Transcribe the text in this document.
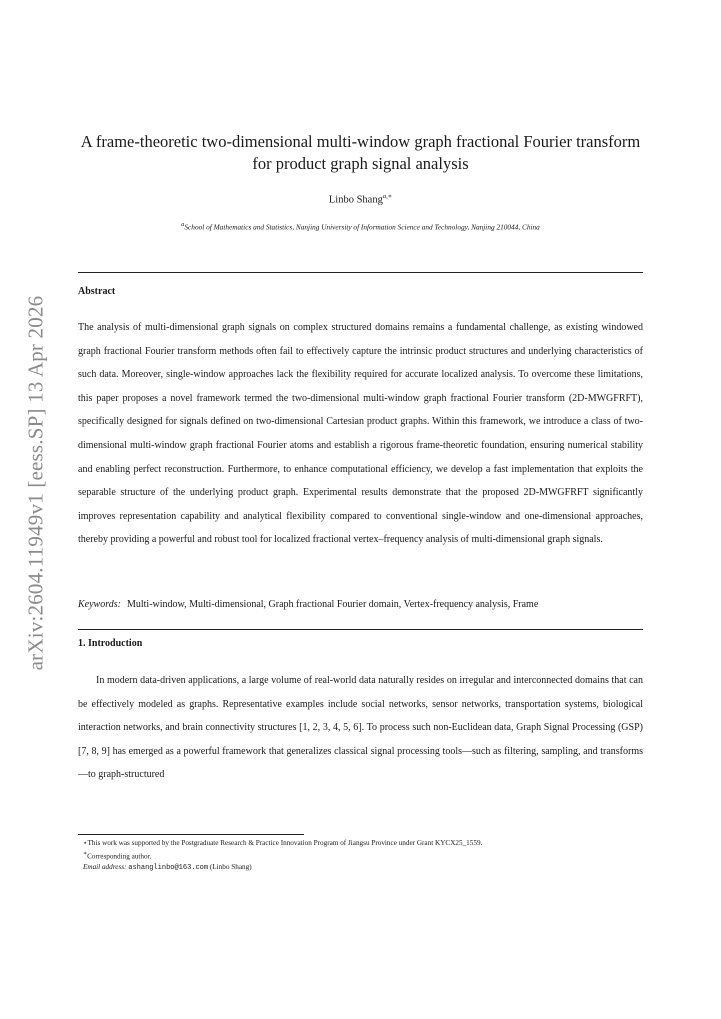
arXiv:2604.11949v1 [eess.SP] 13 Apr 2026
A frame-theoretic two-dimensional multi-window graph fractional Fourier transform for product graph signal analysis
Linbo Shang$^{a,∗}$
$^a$School of Mathematics and Statistics, Nanjing University of Information Science and Technology, Nanjing 210044, China
Abstract
The analysis of multi-dimensional graph signals on complex structured domains remains a fundamental challenge, as existing windowed graph fractional Fourier transform methods often fail to effectively capture the intrinsic product structures and underlying characteristics of such data. Moreover, single-window approaches lack the flexibility required for accurate localized analysis. To overcome these limitations, this paper proposes a novel framework termed the two-dimensional multi-window graph fractional Fourier transform (2D-MWGFRFT), specifically designed for signals defined on two-dimensional Cartesian product graphs. Within this framework, we introduce a class of two-dimensional multi-window graph fractional Fourier atoms and establish a rigorous frame-theoretic foundation, ensuring numerical stability and enabling perfect reconstruction. Furthermore, to enhance computational efficiency, we develop a fast implementation that exploits the separable structure of the underlying product graph. Experimental results demonstrate that the proposed 2D-MWGFRFT significantly improves representation capability and analytical flexibility compared to conventional single-window and one-dimensional approaches, thereby providing a powerful and robust tool for localized fractional vertex–frequency analysis of multi-dimensional graph signals.
Keywords: Multi-window, Multi-dimensional, Graph fractional Fourier domain, Vertex-frequency analysis, Frame
1. Introduction
In modern data-driven applications, a large volume of real-world data naturally resides on irregular and interconnected domains that can be effectively modeled as graphs. Representative examples include social networks, sensor networks, transportation systems, biological interaction networks, and brain connectivity structures [1, 2, 3, 4, 5, 6]. To process such non-Euclidean data, Graph Signal Processing (GSP) [7, 8, 9] has emerged as a powerful framework that generalizes classical signal processing tools—such as filtering, sampling, and transforms—to graph-structured
⋆This work was supported by the Postgraduate Research & Practice Innovation Program of Jiangsu Province under Grant KYCX25_1559.
∗Corresponding author.
Email address: ashanglinbo@163.com (Linbo Shang)
